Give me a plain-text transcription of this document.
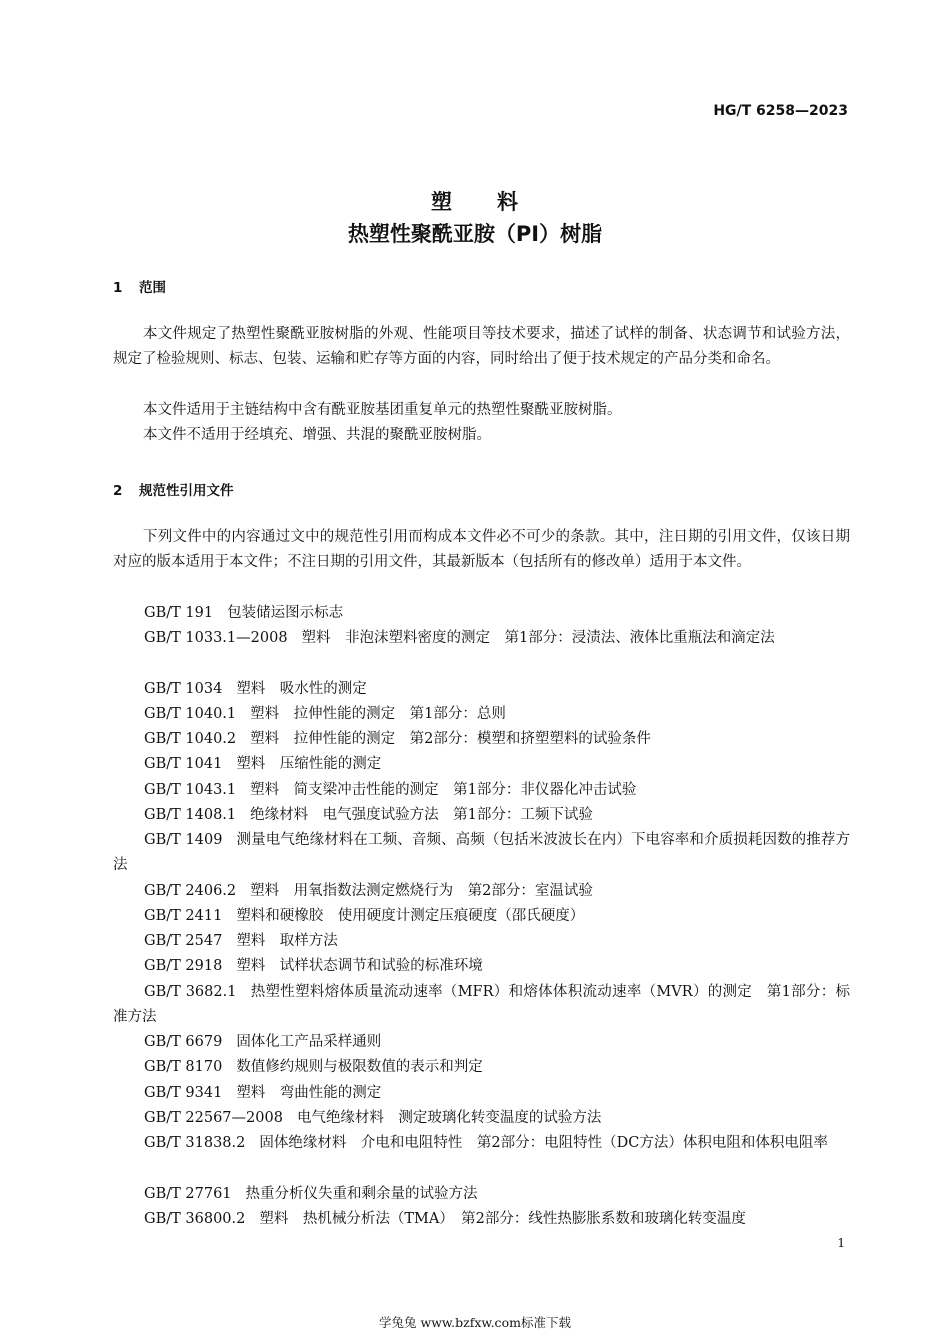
HG/T 6258—2023
塑　　料
热塑性聚酰亚胺（PI）树脂
1 范围

本文件规定了热塑性聚酰亚胺树脂的外观、性能项目等技术要求，描述了试样的制备、状态调节和试验方法，规定了检验规则、标志、包装、运输和贮存等方面的内容，同时给出了便于技术规定的产品分类和命名。

本文件适用于主链结构中含有酰亚胺基团重复单元的热塑性聚酰亚胺树脂。

本文件不适用于经填充、增强、共混的聚酰亚胺树脂。

2 规范性引用文件

下列文件中的内容通过文中的规范性引用而构成本文件必不可少的条款。其中，注日期的引用文件，仅该日期对应的版本适用于本文件；不注日期的引用文件，其最新版本（包括所有的修改单）适用于本文件。

GB/T 191 包装储运图示标志

GB/T 1033.1—2008 塑料　非泡沫塑料密度的测定　第1部分：浸渍法、液体比重瓶法和滴定法

GB/T 1034 塑料　吸水性的测定

GB/T 1040.1 塑料　拉伸性能的测定　第1部分：总则

GB/T 1040.2 塑料　拉伸性能的测定　第2部分：模塑和挤塑塑料的试验条件

GB/T 1041 塑料　压缩性能的测定

GB/T 1043.1 塑料　简支梁冲击性能的测定　第1部分：非仪器化冲击试验

GB/T 1408.1 绝缘材料　电气强度试验方法　第1部分：工频下试验

GB/T 1409 测量电气绝缘材料在工频、音频、高频（包括米波波长在内）下电容率和介质损耗因数的推荐方法

GB/T 2406.2 塑料　用氧指数法测定燃烧行为　第2部分：室温试验

GB/T 2411 塑料和硬橡胶　使用硬度计测定压痕硬度（邵氏硬度）

GB/T 2547 塑料　取样方法

GB/T 2918 塑料　试样状态调节和试验的标准环境

GB/T 3682.1 热塑性塑料熔体质量流动速率（MFR）和熔体体积流动速率（MVR）的测定　第1部分：标准方法

GB/T 6679 固体化工产品采样通则

GB/T 8170 数值修约规则与极限数值的表示和判定

GB/T 9341 塑料　弯曲性能的测定

GB/T 22567—2008 电气绝缘材料　测定玻璃化转变温度的试验方法

GB/T 31838.2 固体绝缘材料　介电和电阻特性　第2部分：电阻特性（DC方法）体积电阻和体积电阻率

GB/T 27761 热重分析仪失重和剩余量的试验方法

GB/T 36800.2 塑料　热机械分析法（TMA）　第2部分：线性热膨胀系数和玻璃化转变温度

1
学兔兔 www.bzfxw.com标准下载
